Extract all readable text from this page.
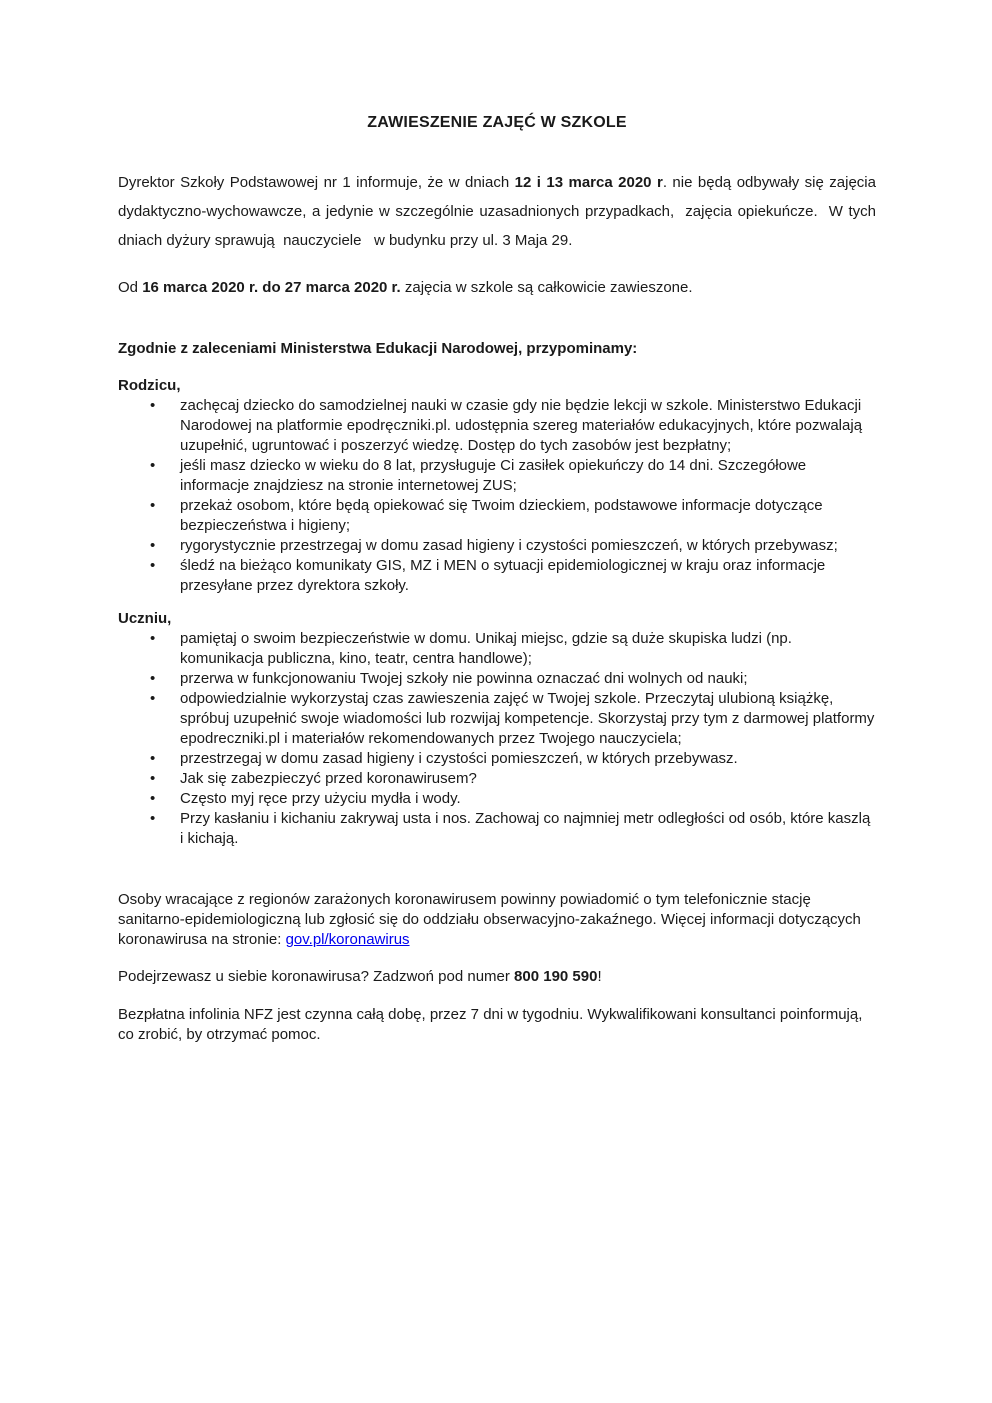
ZAWIESZENIE ZAJĘĆ W SZKOLE

Dyrektor Szkoły Podstawowej nr 1 informuje, że w dniach 12 i 13 marca 2020 r. nie będą odbywały się zajęcia dydaktyczno-wychowawcze, a jedynie w szczególnie uzasadnionych przypadkach,  zajęcia opiekuńcze.  W tych dniach dyżury sprawują  nauczyciele   w budynku przy ul. 3 Maja 29.

Od 16 marca 2020 r. do 27 marca 2020 r. zajęcia w szkole są całkowicie zawieszone.

Zgodnie z zaleceniami Ministerstwa Edukacji Narodowej, przypominamy:

Rodzicu,

• zachęcaj dziecko do samodzielnej nauki w czasie gdy nie będzie lekcji w szkole. Ministerstwo Edukacji Narodowej na platformie epodręczniki.pl. udostępnia szereg materiałów edukacyjnych, które pozwalają uzupełnić, ugruntować i poszerzyć wiedzę. Dostęp do tych zasobów jest bezpłatny;
• jeśli masz dziecko w wieku do 8 lat, przysługuje Ci zasiłek opiekuńczy do 14 dni. Szczegółowe informacje znajdziesz na stronie internetowej ZUS;
• przekaż osobom, które będą opiekować się Twoim dzieckiem, podstawowe informacje dotyczące bezpieczeństwa i higieny;
• rygorystycznie przestrzegaj w domu zasad higieny i czystości pomieszczeń, w których przebywasz;
• śledź na bieżąco komunikaty GIS, MZ i MEN o sytuacji epidemiologicznej w kraju oraz informacje przesyłane przez dyrektora szkoły.

Uczniu,

• pamiętaj o swoim bezpieczeństwie w domu. Unikaj miejsc, gdzie są duże skupiska ludzi (np. komunikacja publiczna, kino, teatr, centra handlowe);
• przerwa w funkcjonowaniu Twojej szkoły nie powinna oznaczać dni wolnych od nauki;
• odpowiedzialnie wykorzystaj czas zawieszenia zajęć w Twojej szkole. Przeczytaj ulubioną książkę, spróbuj uzupełnić swoje wiadomości lub rozwijaj kompetencje. Skorzystaj przy tym z darmowej platformy epodreczniki.pl i materiałów rekomendowanych przez Twojego nauczyciela;
• przestrzegaj w domu zasad higieny i czystości pomieszczeń, w których przebywasz.
• Jak się zabezpieczyć przed koronawirusem?
• Często myj ręce przy użyciu mydła i wody.
• Przy kasłaniu i kichaniu zakrywaj usta i nos. Zachowaj co najmniej metr odległości od osób, które kaszlą i kichają.

Osoby wracające z regionów zarażonych koronawirusem powinny powiadomić o tym telefonicznie stację sanitarno-epidemiologiczną lub zgłosić się do oddziału obserwacyjno-zakaźnego. Więcej informacji dotyczących koronawirusa na stronie: gov.pl/koronawirus

Podejrzewasz u siebie koronawirusa? Zadzwoń pod numer 800 190 590!

Bezpłatna infolinia NFZ jest czynna całą dobę, przez 7 dni w tygodniu. Wykwalifikowani konsultanci poinformują, co zrobić, by otrzymać pomoc.
